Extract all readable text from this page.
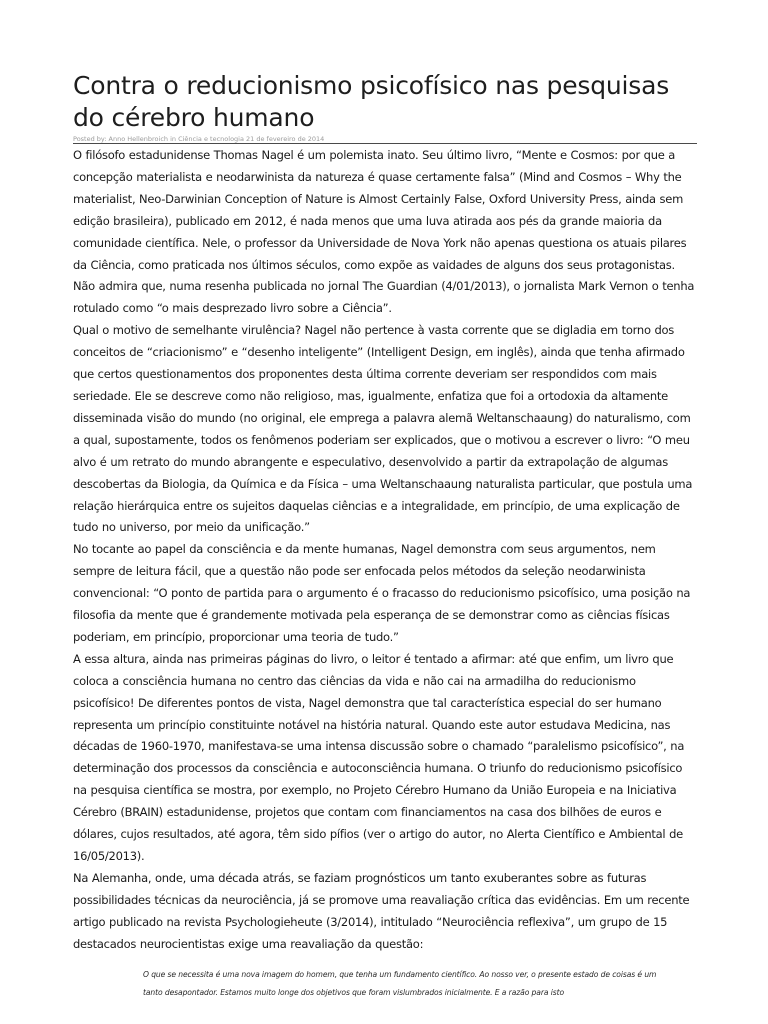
Contra o reducionismo psicofísico nas pesquisas do cérebro humano
Posted by: Anno Hellenbroich in Ciência e tecnologia 21 de fevereiro de 2014

O filósofo estadunidense Thomas Nagel é um polemista inato. Seu último livro, “Mente e Cosmos: por que a concepção materialista e neodarwinista da natureza é quase certamente falsa” (Mind and Cosmos – Why the materialist, Neo-Darwinian Conception of Nature is Almost Certainly False, Oxford University Press, ainda sem edição brasileira), publicado em 2012, é nada menos que uma luva atirada aos pés da grande maioria da comunidade científica. Nele, o professor da Universidade de Nova York não apenas questiona os atuais pilares da Ciência, como praticada nos últimos séculos, como expõe as vaidades de alguns dos seus protagonistas. Não admira que, numa resenha publicada no jornal The Guardian (4/01/2013), o jornalista Mark Vernon o tenha rotulado como “o mais desprezado livro sobre a Ciência”.

Qual o motivo de semelhante virulência? Nagel não pertence à vasta corrente que se digladia em torno dos conceitos de “criacionismo” e “desenho inteligente” (Intelligent Design, em inglês), ainda que tenha afirmado que certos questionamentos dos proponentes desta última corrente deveriam ser respondidos com mais seriedade. Ele se descreve como não religioso, mas, igualmente, enfatiza que foi a ortodoxia da altamente disseminada visão do mundo (no original, ele emprega a palavra alemã Weltanschaaung) do naturalismo, com a qual, supostamente, todos os fenômenos poderiam ser explicados, que o motivou a escrever o livro: “O meu alvo é um retrato do mundo abrangente e especulativo, desenvolvido a partir da extrapolação de algumas descobertas da Biologia, da Química e da Física – uma Weltanschaaung naturalista particular, que postula uma relação hierárquica entre os sujeitos daquelas ciências e a integralidade, em princípio, de uma explicação de tudo no universo, por meio da unificação.”

No tocante ao papel da consciência e da mente humanas, Nagel demonstra com seus argumentos, nem sempre de leitura fácil, que a questão não pode ser enfocada pelos métodos da seleção neodarwinista convencional: “O ponto de partida para o argumento é o fracasso do reducionismo psicofísico, uma posição na filosofia da mente que é grandemente motivada pela esperança de se demonstrar como as ciências físicas poderiam, em princípio, proporcionar uma teoria de tudo.”

A essa altura, ainda nas primeiras páginas do livro, o leitor é tentado a afirmar: até que enfim, um livro que coloca a consciência humana no centro das ciências da vida e não cai na armadilha do reducionismo psicofísico! De diferentes pontos de vista, Nagel demonstra que tal característica especial do ser humano representa um princípio constituinte notável na história natural. Quando este autor estudava Medicina, nas décadas de 1960-1970, manifestava-se uma intensa discussão sobre o chamado “paralelismo psicofísico”, na determinação dos processos da consciência e autoconsciência humana. O triunfo do reducionismo psicofísico na pesquisa científica se mostra, por exemplo, no Projeto Cérebro Humano da União Europeia e na Iniciativa Cérebro (BRAIN) estadunidense, projetos que contam com financiamentos na casa dos bilhões de euros e dólares, cujos resultados, até agora, têm sido pífios (ver o artigo do autor, no Alerta Científico e Ambiental de 16/05/2013).

Na Alemanha, onde, uma década atrás, se faziam prognósticos um tanto exuberantes sobre as futuras possibilidades técnicas da neurociência, já se promove uma reavaliação crítica das evidências. Em um recente artigo publicado na revista Psychologieheute (3/2014), intitulado “Neurociência reflexiva”, um grupo de 15 destacados neurocientistas exige uma reavaliação da questão:

O que se necessita é uma nova imagem do homem, que tenha um fundamento científico. Ao nosso ver, o presente estado de coisas é um tanto desapontador. Estamos muito longe dos objetivos que foram vislumbrados inicialmente. E a razão para isto
